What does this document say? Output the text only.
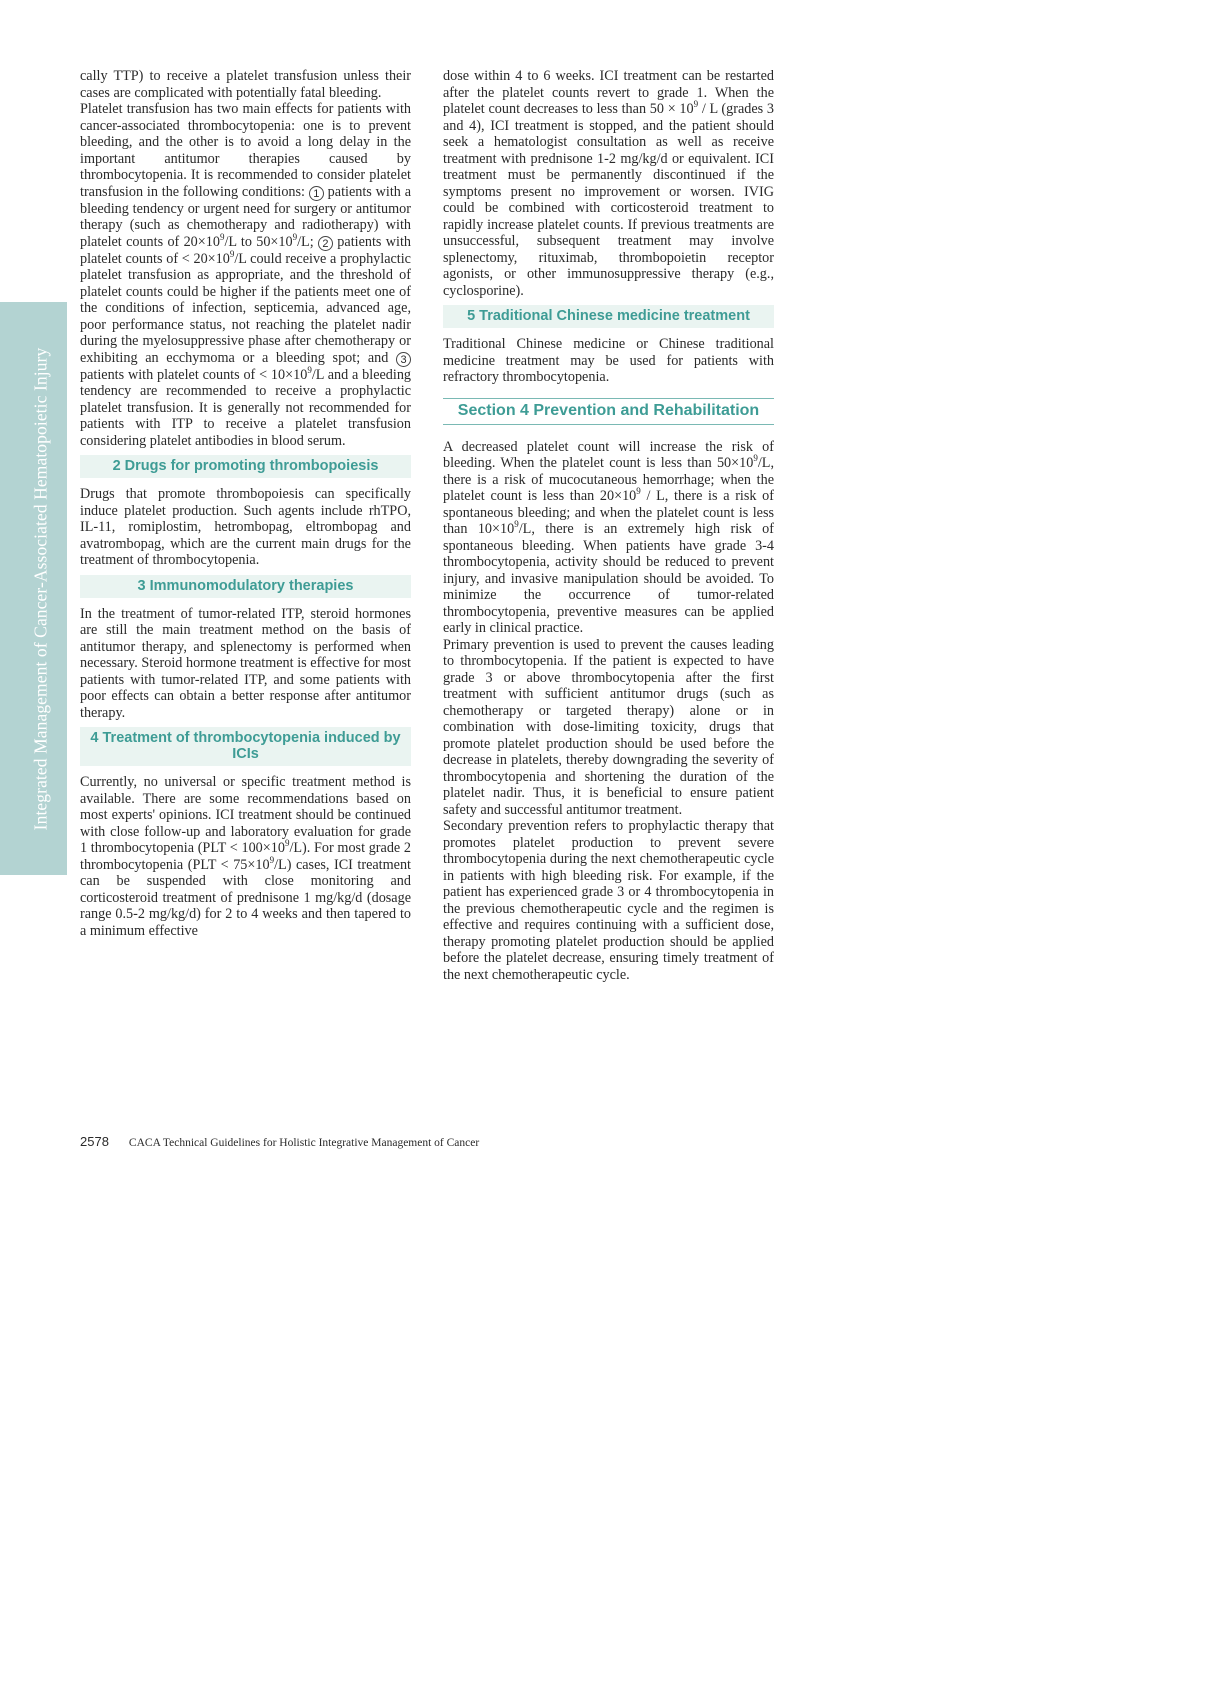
Integrated Management of Cancer-Associated Hematopoietic Injury

cally TTP) to receive a platelet transfusion unless their cases are complicated with potentially fatal bleeding.

Platelet transfusion has two main effects for patients with cancer-associated thrombocytopenia: one is to prevent bleeding, and the other is to avoid a long delay in the important antitumor therapies caused by thrombocytopenia. It is recommended to consider platelet transfusion in the following conditions: 1 patients with a bleeding tendency or urgent need for surgery or antitumor therapy (such as chemotherapy and radiotherapy) with platelet counts of $20\times 10^9/L$ to $50\times 10^9/L$; 2 patients with platelet counts of < $20\times 10^9/L$ could receive a prophylactic platelet transfusion as appropriate, and the threshold of platelet counts could be higher if the patients meet one of the conditions of infection, septicemia, advanced age, poor performance status, not reaching the platelet nadir during the myelosuppressive phase after chemotherapy or exhibiting an ecchymoma or a bleeding spot; and 3 patients with platelet counts of < $10\times 10^9/L$ and a bleeding tendency are recommended to receive a prophylactic platelet transfusion. It is generally not recommended for patients with ITP to receive a platelet transfusion considering platelet antibodies in blood serum.

2 Drugs for promoting thrombopoiesis

Drugs that promote thrombopoiesis can specifically induce platelet production. Such agents include rhTPO, IL-11, romiplostim, hetrombopag, eltrombopag and avatrombopag, which are the current main drugs for the treatment of thrombocytopenia.

3 Immunomodulatory therapies

In the treatment of tumor-related ITP, steroid hormones are still the main treatment method on the basis of antitumor therapy, and splenectomy is performed when necessary. Steroid hormone treatment is effective for most patients with tumor-related ITP, and some patients with poor effects can obtain a better response after antitumor therapy.

4 Treatment of thrombocytopenia induced by ICIs

Currently, no universal or specific treatment method is available. There are some recommendations based on most experts' opinions. ICI treatment should be continued with close follow-up and laboratory evaluation for grade 1 thrombocytopenia $(PLT < 100\times 10^9/L)$. For most grade 2 thrombocytopenia $(PLT < 75\times 10^9/L)$ cases, ICI treatment can be suspended with close monitoring and corticosteroid treatment of prednisone 1 mg/kg/d (dosage range 0.5-2 mg/kg/d) for 2 to 4 weeks and then tapered to a minimum effective

dose within 4 to 6 weeks. ICI treatment can be restarted after the platelet counts revert to grade 1. When the platelet count decreases to less than $50 \times 10^9 / L$ (grades 3 and 4), ICI treatment is stopped, and the patient should seek a hematologist consultation as well as receive treatment with prednisone 1-2 mg/kg/d or equivalent. ICI treatment must be permanently discontinued if the symptoms present no improvement or worsen. IVIG could be combined with corticosteroid treatment to rapidly increase platelet counts. If previous treatments are unsuccessful, subsequent treatment may involve splenectomy, rituximab, thrombopoietin receptor agonists, or other immunosuppressive therapy (e.g., cyclosporine).

5 Traditional Chinese medicine treatment

Traditional Chinese medicine or Chinese traditional medicine treatment may be used for patients with refractory thrombocytopenia.

Section 4 Prevention and Rehabilitation

A decreased platelet count will increase the risk of bleeding. When the platelet count is less than $50\times 10^9/L$, there is a risk of mucocutaneous hemorrhage; when the platelet count is less than $20\times 10^9 / L$, there is a risk of spontaneous bleeding; and when the platelet count is less than $10\times 10^9/L$, there is an extremely high risk of spontaneous bleeding. When patients have grade 3-4 thrombocytopenia, activity should be reduced to prevent injury, and invasive manipulation should be avoided. To minimize the occurrence of tumor-related thrombocytopenia, preventive measures can be applied early in clinical practice.

Primary prevention is used to prevent the causes leading to thrombocytopenia. If the patient is expected to have grade 3 or above thrombocytopenia after the first treatment with sufficient antitumor drugs (such as chemotherapy or targeted therapy) alone or in combination with dose-limiting toxicity, drugs that promote platelet production should be used before the decrease in platelets, thereby downgrading the severity of thrombocytopenia and shortening the duration of the platelet nadir. Thus, it is beneficial to ensure patient safety and successful antitumor treatment.

Secondary prevention refers to prophylactic therapy that promotes platelet production to prevent severe thrombocytopenia during the next chemotherapeutic cycle in patients with high bleeding risk. For example, if the patient has experienced grade 3 or 4 thrombocytopenia in the previous chemotherapeutic cycle and the regimen is effective and requires continuing with a sufficient dose, therapy promoting platelet production should be applied before the platelet decrease, ensuring timely treatment of the next chemotherapeutic cycle.

2578 CACA Technical Guidelines for Holistic Integrative Management of Cancer
